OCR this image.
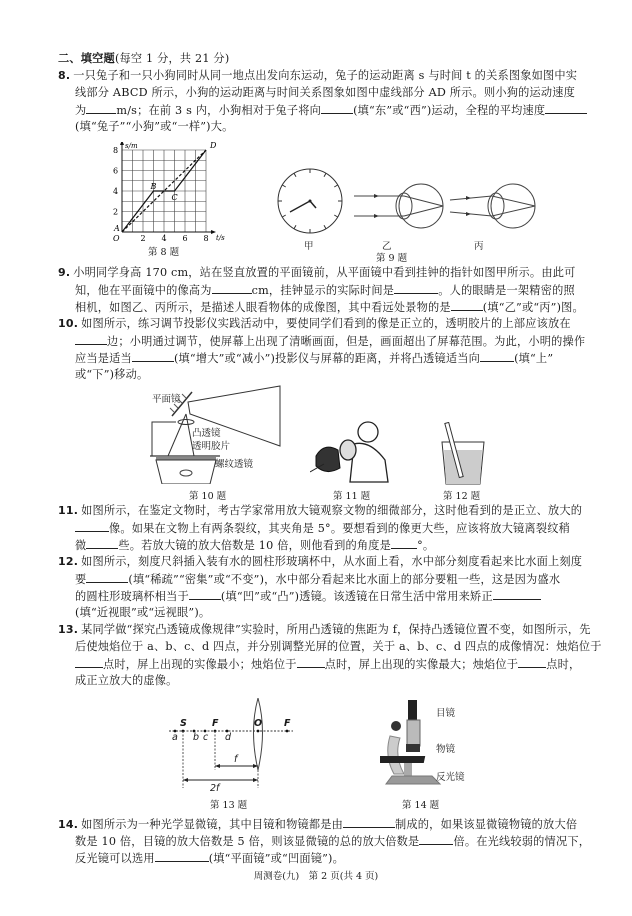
二、填空题(每空 1 分，共 21 分)
8. 一只兔子和一只小狗同时从同一地点出发向东运动，兔子的运动距离 s 与时间 t 的关系图象如图中实
线部分 ABCD 所示，小狗的运动距离与时间关系图象如图中虚线部分 AD 所示。则小狗的运动速度
为	m/s；在前 3 s 内，小狗相对于兔子将向	(填“东”或“西”)运动，全程的平均速度
(填“兔子”“小狗”或“一样”)大。
A
B
C
D
2 4 6 8
2
4
6
8
t/s
s/m
O
第 8 题
甲	乙	丙
第 9 题
9. 小明同学身高 170 cm，站在竖直放置的平面镜前，从平面镜中看到挂钟的指针如图甲所示。由此可
知，他在平面镜中的像高为	cm，挂钟显示的实际时间是	。人的眼睛是一架精密的照
相机，如图乙、丙所示，是描述人眼看物体的成像图，其中看远处景物的是	(填“乙”或“丙”)图。
10. 如图所示，练习调节投影仪实践活动中，要使同学们看到的像是正立的，透明胶片的上部应该放在
边；小明通过调节，使屏幕上出现了清晰画面，但是，画面超出了屏幕范围。为此，小明的操作
应当是适当	(填“增大”或“减小”)投影仪与屏幕的距离，并将凸透镜适当向	(填“上”
或“下”)移动。
平面镜
凸透镜
透明胶片
螺纹透镜
第 10 题	第 11 题	第 12 题
11. 如图所示，在鉴定文物时，考古学家常用放大镜观察文物的细微部分，这时他看到的是正立、放大的
像。如果在文物上有两条裂纹，其夹角是 5°。要想看到的像更大些，应该将放大镜离裂纹稍
微	些。若放大镜的放大倍数是 10 倍，则他看到的角度是 °。
12. 如图所示，刻度尺斜插入装有水的圆柱形玻璃杯中，从水面上看，水中部分刻度看起来比水面上刻度
要	(填“稀疏”“密集”或“不变”)，水中部分看起来比水面上的部分要粗一些，这是因为盛水
的圆柱形玻璃杯相当于	(填“凹”或“凸”)透镜。该透镜在日常生活中常用来矫正
(填“近视眼”或“远视眼”)。
13. 某同学做“探究凸透镜成像规律”实验时，所用凸透镜的焦距为 f，保持凸透镜位置不变，如图所示，先
后使烛焰位于 a、b、c、d 四点，并分别调整光屏的位置，关于 a、b、c、d 四点的成像情况：烛焰位于
点时，屏上出现的实像最小；烛焰位于	点时，屏上出现的实像最大；烛焰位于	点时，
成正立放大的虚像。
S	F	O F
a b c d
f
2f
第 13 题
目镜
物镜
反光镜
第 14 题
14. 如图所示为一种光学显微镜，其中目镜和物镜都是由	制成的，如果该显微镜物镜的放大倍
数是 10 倍，目镜的放大倍数是 5 倍，则该显微镜的总的放大倍数是	倍。在光线较弱的情况下，
反光镜可以选用	(填“平面镜”或“凹面镜”)。
周测卷(九)　第 2 页(共 4 页)
